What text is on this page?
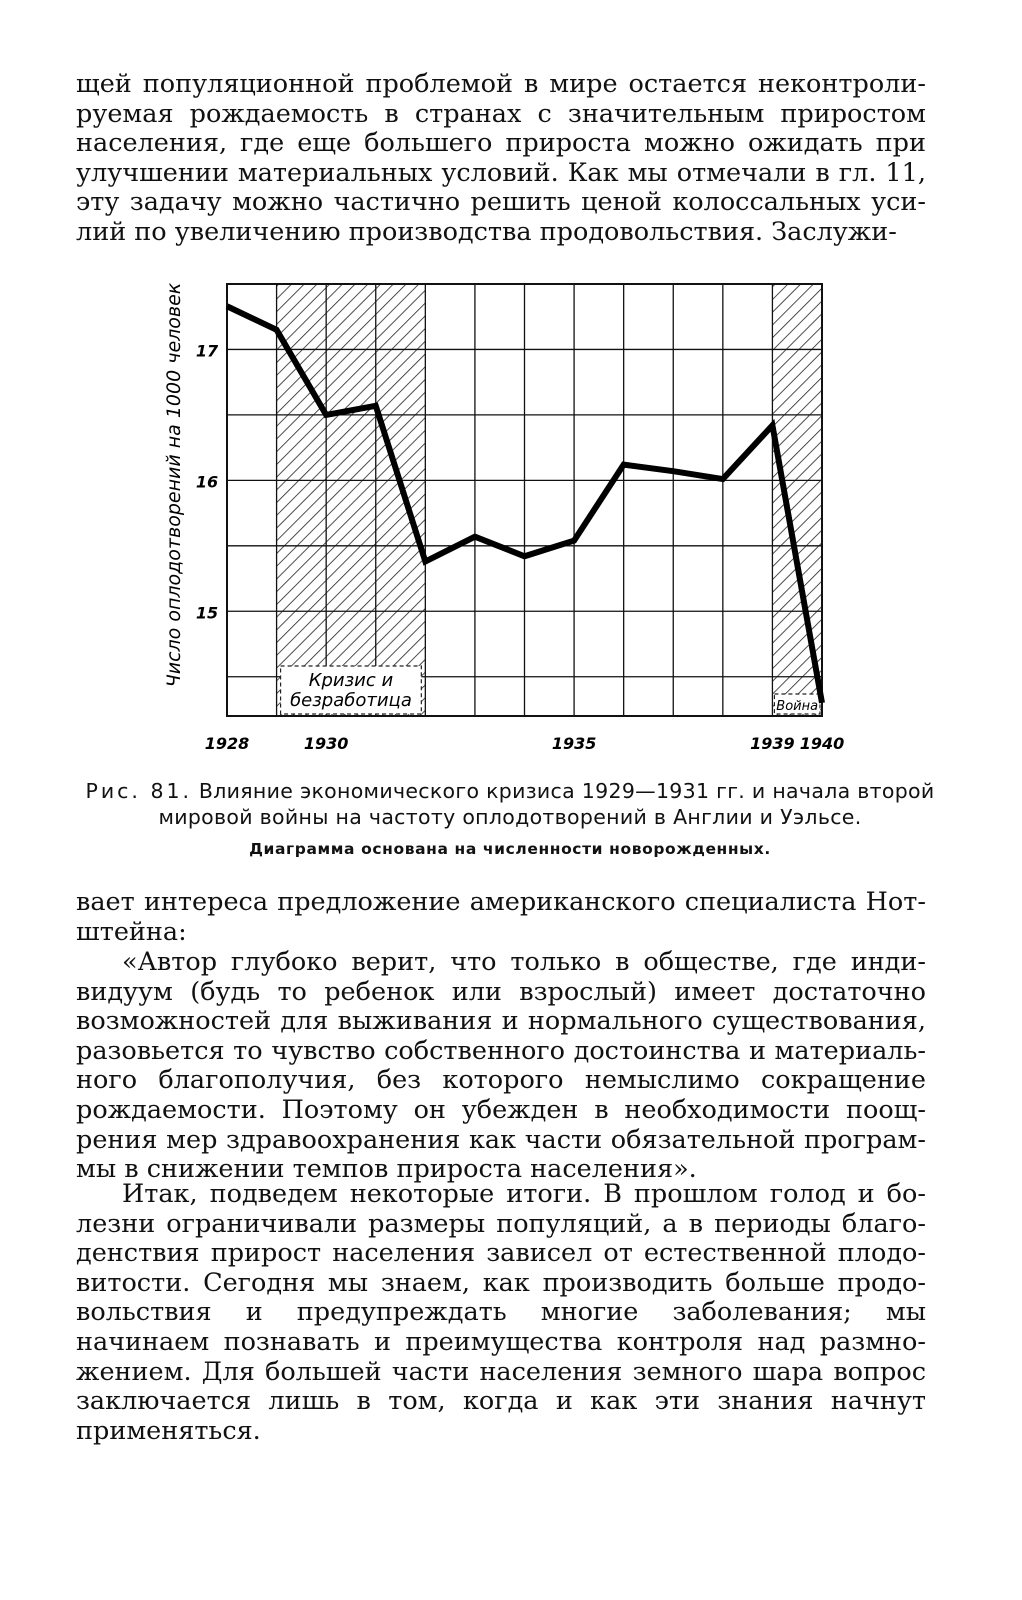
щей популяционной проблемой в мире остается неконтроли-
руемая рождаемость в странах с значительным приростом
населения, где еще большего прироста можно ожидать при
улучшении материальных условий. Как мы отмечали в гл. 11,
эту задачу можно частично решить ценой колоссальных уси-
лий по увеличению производства продовольствия. Заслужи-
Кризис и
безработица	Война
17
16
15
1928	1930	1935	1939 1940
Число оплодотворений на 1000 человек

Рис. 81. Влияние экономического кризиса 1929—1931 гг. и начала второй
мировой войны на частоту оплодотворений в Англии и Уэльсе.

Диаграмма основана на численности новорожденных.

вает интереса предложение американского специалиста Нот-
штейна:
«Автор глубоко верит, что только в обществе, где инди-
видуум (будь то ребенок или взрослый) имеет достаточно
возможностей для выживания и нормального существования,
разовьется то чувство собственного достоинства и материаль-
ного благополучия, без которого немыслимо сокращение
рождаемости. Поэтому он убежден в необходимости поощ-
рения мер здравоохранения как части обязательной програм-
мы в снижении темпов прироста населения».
Итак, подведем некоторые итоги. В прошлом голод и бо-
лезни ограничивали размеры популяций, а в периоды благо-
денствия прирост населения зависел от естественной плодо-
витости. Сегодня мы знаем, как производить больше продо-
вольствия и предупреждать многие заболевания; мы
начинаем познавать и преимущества контроля над размно-
жением. Для большей части населения земного шара вопрос
заключается лишь в том, когда и как эти знания начнут
применяться.
